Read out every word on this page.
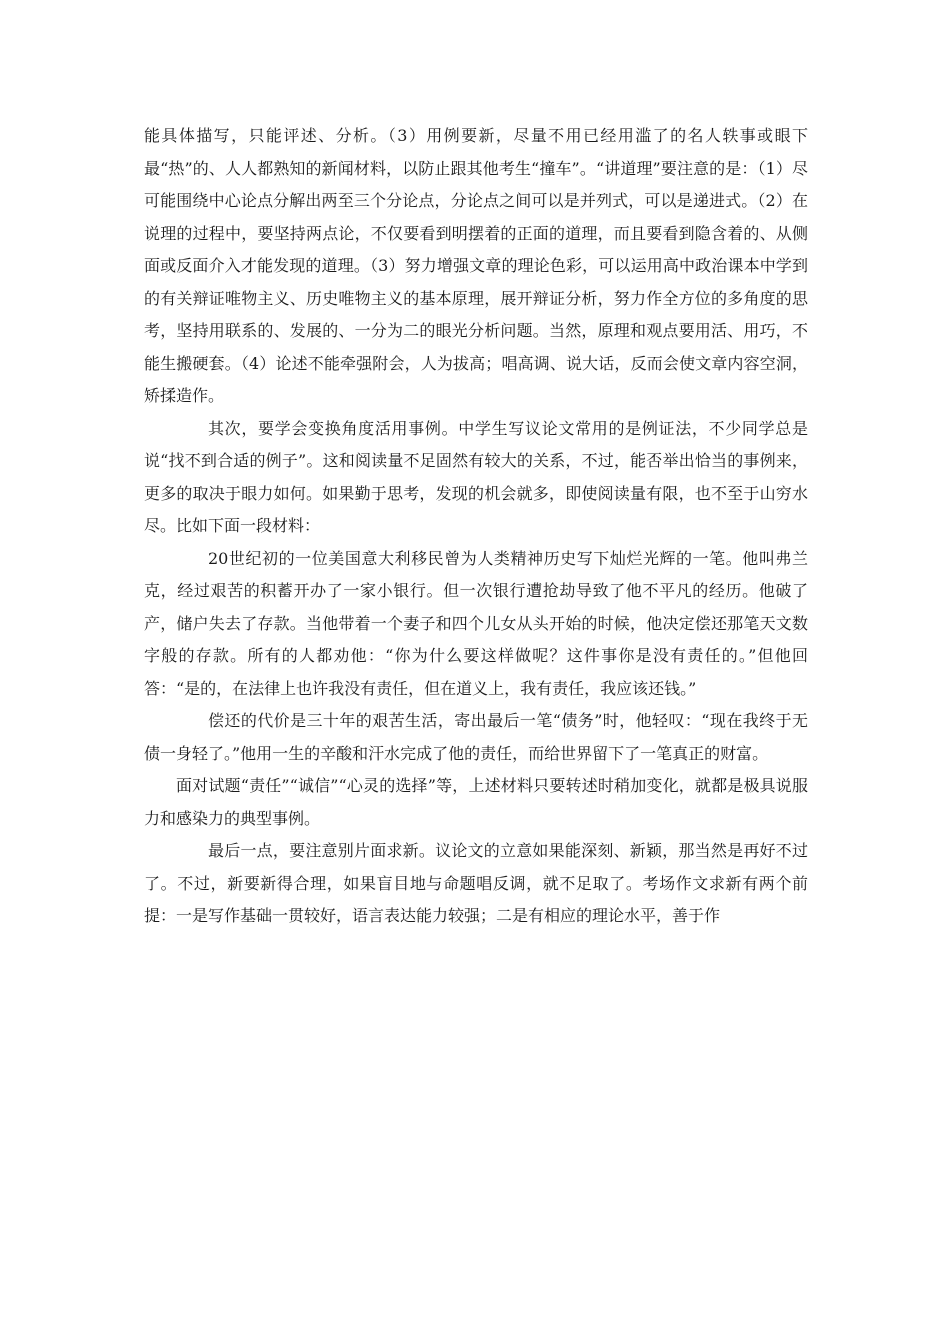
能具体描写，只能评述、分析。（3）用例要新，尽量不用已经用滥了的名人轶事或眼下最“热”的、人人都熟知的新闻材料，以防止跟其他考生“撞车”。“讲道理”要注意的是：（1）尽可能围绕中心论点分解出两至三个分论点，分论点之间可以是并列式，可以是递进式。（2）在说理的过程中，要坚持两点论，不仅要看到明摆着的正面的道理，而且要看到隐含着的、从侧面或反面介入才能发现的道理。（3）努力增强文章的理论色彩，可以运用高中政治课本中学到的有关辩证唯物主义、历史唯物主义的基本原理，展开辩证分析，努力作全方位的多角度的思考，坚持用联系的、发展的、一分为二的眼光分析问题。当然，原理和观点要用活、用巧，不能生搬硬套。（4）论述不能牵强附会，人为拔高；唱高调、说大话，反而会使文章内容空洞，矫揉造作。

其次，要学会变换角度活用事例。中学生写议论文常用的是例证法，不少同学总是说“找不到合适的例子”。这和阅读量不足固然有较大的关系，不过，能否举出恰当的事例来，更多的取决于眼力如何。如果勤于思考，发现的机会就多，即使阅读量有限，也不至于山穷水尽。比如下面一段材料：

20世纪初的一位美国意大利移民曾为人类精神历史写下灿烂光辉的一笔。他叫弗兰克，经过艰苦的积蓄开办了一家小银行。但一次银行遭抢劫导致了他不平凡的经历。他破了产，储户失去了存款。当他带着一个妻子和四个儿女从头开始的时候，他决定偿还那笔天文数字般的存款。所有的人都劝他：“你为什么要这样做呢？这件事你是没有责任的。”但他回答：“是的，在法律上也许我没有责任，但在道义上，我有责任，我应该还钱。”

偿还的代价是三十年的艰苦生活，寄出最后一笔“债务”时，他轻叹：“现在我终于无债一身轻了。”他用一生的辛酸和汗水完成了他的责任，而给世界留下了一笔真正的财富。

面对试题“责任”“诚信”“心灵的选择”等，上述材料只要转述时稍加变化，就都是极具说服力和感染力的典型事例。

最后一点，要注意别片面求新。议论文的立意如果能深刻、新颖，那当然是再好不过了。不过，新要新得合理，如果盲目地与命题唱反调，就不足取了。考场作文求新有两个前提：一是写作基础一贯较好，语言表达能力较强；二是有相应的理论水平，善于作
